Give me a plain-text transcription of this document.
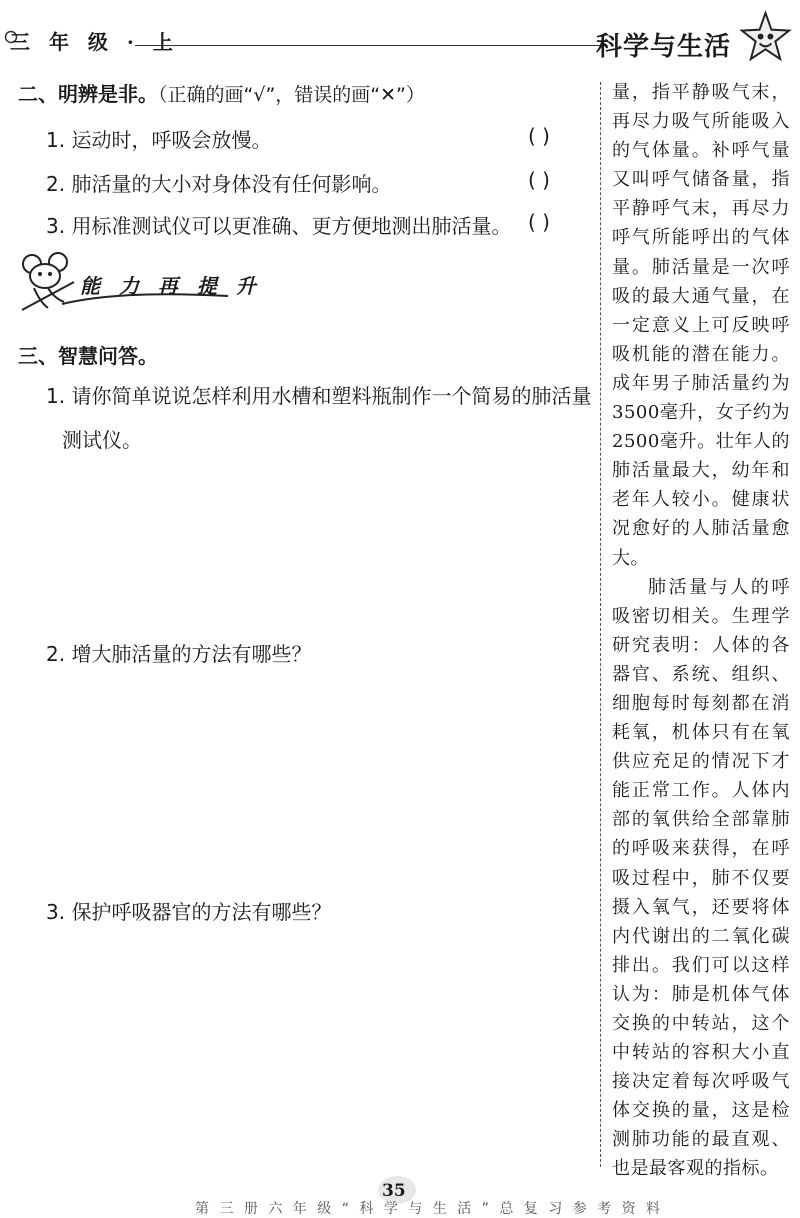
三 年 级 · 上	科学与生活
二、明辨是非。（正确的画“√”，错误的画“✕”）
1. 运动时，呼吸会放慢。	( )
2. 肺活量的大小对身体没有任何影响。	( )
3. 用标准测试仪可以更准确、更方便地测出肺活量。 ( )
能 力 再 提 升
三、智慧问答。
1. 请你简单说说怎样利用水槽和塑料瓶制作一个简易的肺活量
测试仪。
2. 增大肺活量的方法有哪些？
3. 保护呼吸器官的方法有哪些？

量，指平静吸气末，再尽力吸气所能吸入的气体量。补呼气量又叫呼气储备量，指平静呼气末，再尽力呼气所能呼出的气体量。肺活量是一次呼吸的最大通气量，在一定意义上可反映呼吸机能的潜在能力。成年男子肺活量约为3500毫升，女子约为2500毫升。壮年人的肺活量最大，幼年和老年人较小。健康状况愈好的人肺活量愈大。

肺活量与人的呼吸密切相关。生理学研究表明：人体的各器官、系统、组织、细胞每时每刻都在消耗氧，机体只有在氧供应充足的情况下才能正常工作。人体内部的氧供给全部靠肺的呼吸来获得，在呼吸过程中，肺不仅要摄入氧气，还要将体内代谢出的二氧化碳排出。我们可以这样认为：肺是机体气体交换的中转站，这个中转站的容积大小直接决定着每次呼吸气体交换的量，这是检测肺功能的最直观、也是最客观的指标。

35
第 三 册 六 年 级 “ 科 学 与 生 活 ” 总 复 习 参 考 资 料
